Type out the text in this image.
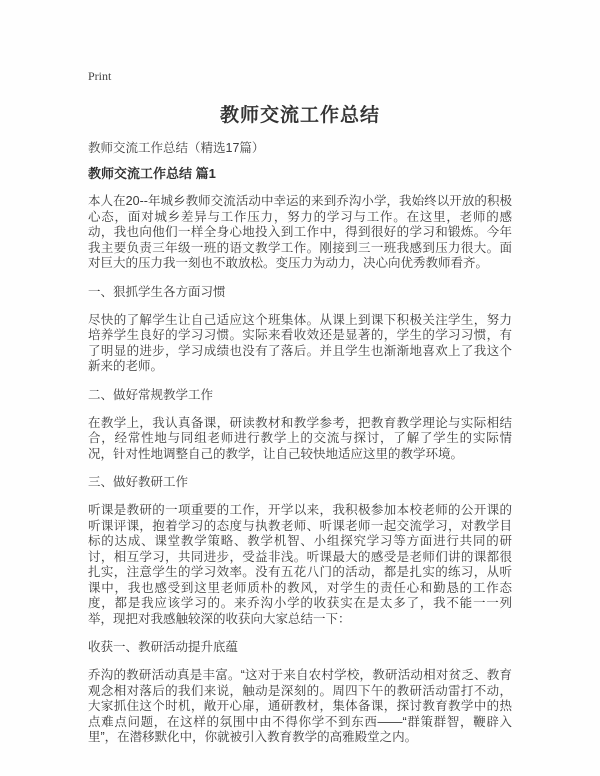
Print
教师交流工作总结
教师交流工作总结（精选17篇）
教师交流工作总结 篇1

本人在20--年城乡教师交流活动中幸运的来到乔沟小学，我始终以开放的积极心态，面对城乡差异与工作压力，努力的学习与工作。在这里，老师的感动，我也向他们一样全身心地投入到工作中，得到很好的学习和锻炼。今年我主要负责三年级一班的语文教学工作。刚接到三一班我感到压力很大。面对巨大的压力我一刻也不敢放松。变压力为动力，决心向优秀教师看齐。

一、狠抓学生各方面习惯

尽快的了解学生让自己适应这个班集体。从课上到课下积极关注学生，努力培养学生良好的学习习惯。实际来看收效还是显著的，学生的学习习惯，有了明显的进步，学习成绩也没有了落后。并且学生也渐渐地喜欢上了我这个新来的老师。

二、做好常规教学工作

在教学上，我认真备课，研读教材和教学参考，把教育教学理论与实际相结合，经常性地与同组老师进行教学上的交流与探讨，了解了学生的实际情况，针对性地调整自己的教学，让自己较快地适应这里的教学环境。

三、做好教研工作

听课是教研的一项重要的工作，开学以来，我积极参加本校老师的公开课的听课评课，抱着学习的态度与执教老师、听课老师一起交流学习，对教学目标的达成、课堂教学策略、教学机智、小组探究学习等方面进行共同的研讨，相互学习，共同进步，受益非浅。听课最大的感受是老师们讲的课都很扎实，注意学生的学习效率。没有五花八门的活动，都是扎实的练习，从听课中，我也感受到这里老师质朴的教风，对学生的责任心和勤恳的工作态度，都是我应该学习的。来乔沟小学的收获实在是太多了，我不能一一列举，现把对我感触较深的收获向大家总结一下：

收获一、教研活动提升底蕴

乔沟的教研活动真是丰富。“这对于来自农村学校，教研活动相对贫乏、教育观念相对落后的我们来说，触动是深刻的。周四下午的教研活动雷打不动，大家抓住这个时机，敞开心扉，通研教材，集体备课，探讨教育教学中的热点难点问题，在这样的氛围中由不得你学不到东西——“群策群智，鞭辟入里”，在潜移默化中，你就被引入教育教学的高雅殿堂之内。
